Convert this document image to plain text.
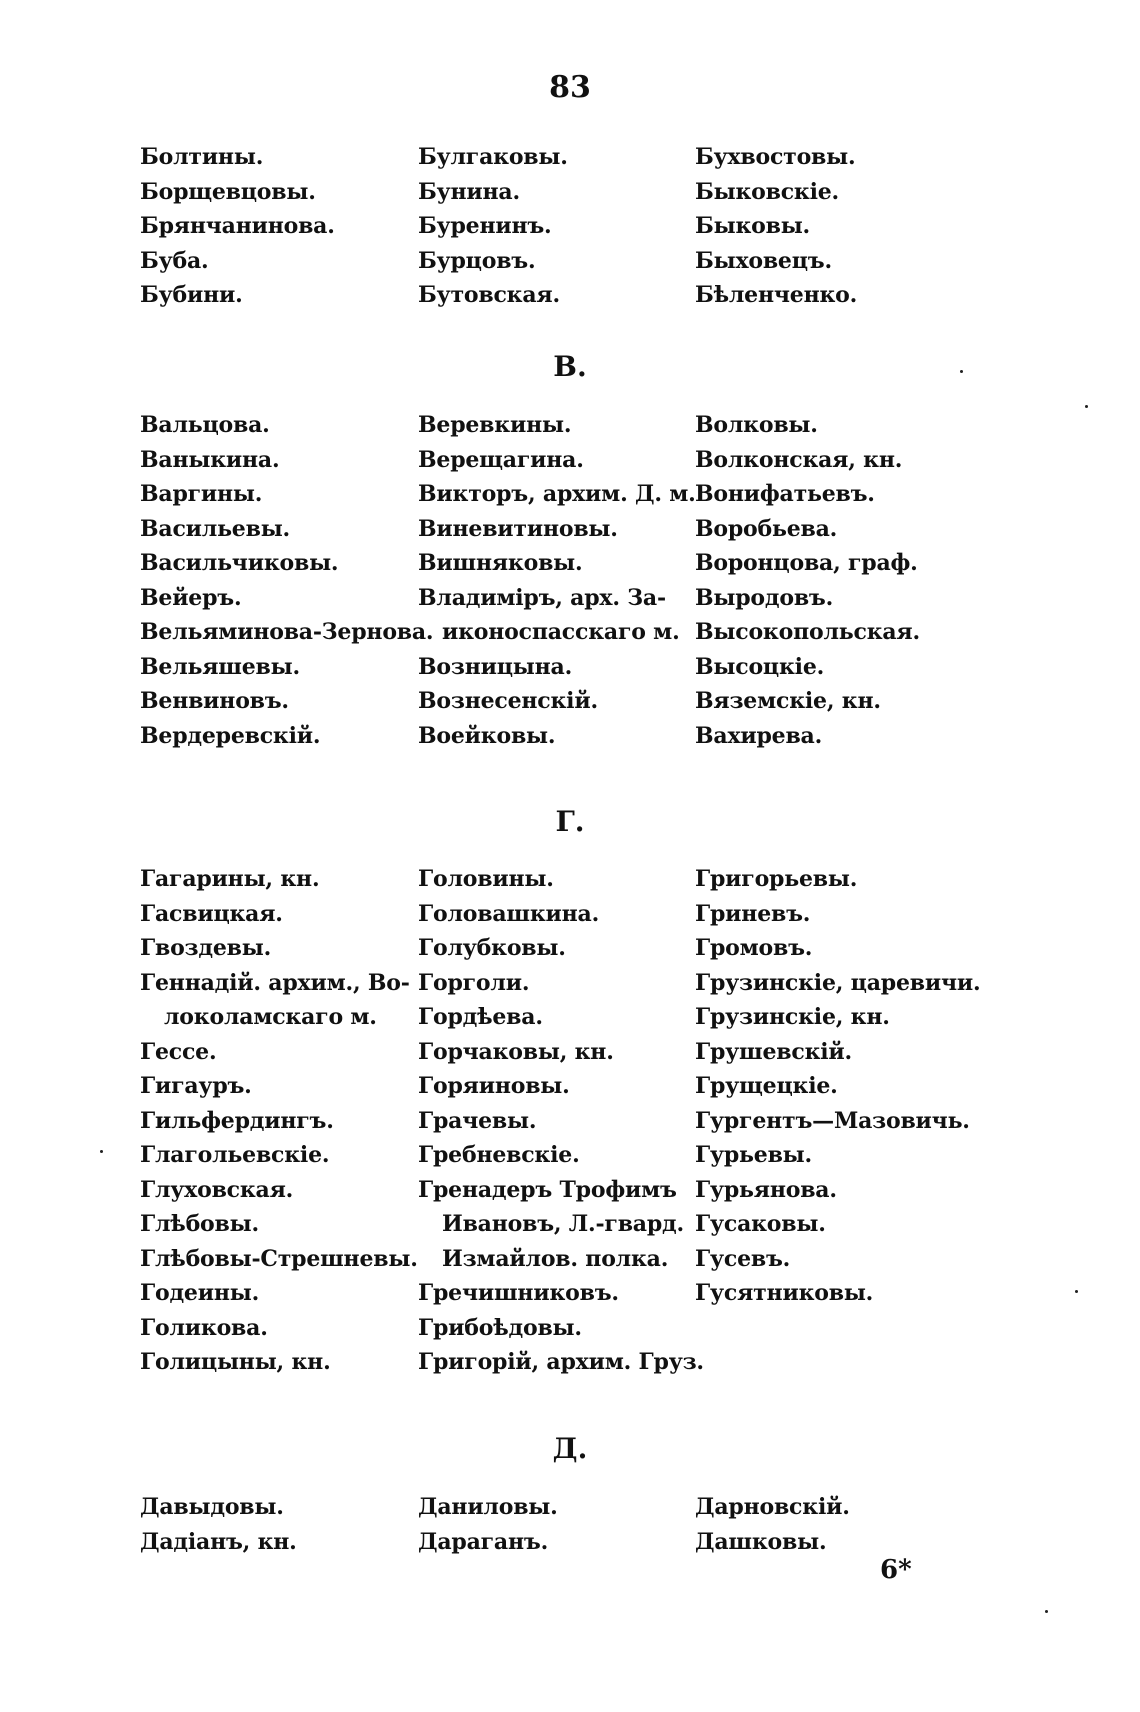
83
Болтины.
Борщевцовы.
Брянчанинова.
Буба.
Бубини.
Булгаковы.
Бунина.
Буренинъ.
Бурцовъ.
Бутовская.
Бухвостовы.
Быковскіе.
Быковы.
Быховецъ.
Бѣленченко.
В.
Вальцова.
Ваныкина.
Варгины.
Васильевы.
Васильчиковы.
Вейеръ.
Вельяминова-Зернова.
Вельяшевы.
Венвиновъ.
Вердеревскій.
Веревкины.
Верещагина.
Викторъ, архим. Д. м.
Виневитиновы.
Вишняковы.
Владиміръ, арх. За-
иконоспасскаго м.
Возницына.
Вознесенскій.
Воейковы.
Волковы.
Волконская, кн.
Вонифатьевъ.
Воробьева.
Воронцова, граф.
Выродовъ.
Высокопольская.
Высоцкіе.
Вяземскіе, кн.
Вахирева.
Г.
Гагарины, кн.
Гасвицкая.
Гвоздевы.
Геннадій. архим., Во-
локоламскаго м.
Гессе.
Гигауръ.
Гильфердингъ.
Глагольевскіе.
Глуховская.
Глѣбовы.
Глѣбовы-Стрешневы.
Годеины.
Голикова.
Голицыны, кн.
Головины.
Головашкина.
Голубковы.
Горголи.
Гордѣева.
Горчаковы, кн.
Горяиновы.
Грачевы.
Гребневскіе.
Гренадеръ Трофимъ
Ивановъ, Л.-гвард.
Измайлов. полка.
Гречишниковъ.
Грибоѣдовы.
Григорій, архим. Груз.
Григорьевы.
Гриневъ.
Громовъ.
Грузинскіе, царевичи.
Грузинскіе, кн.
Грушевскій.
Грущецкіе.
Гургентъ—Мазовичь.
Гурьевы.
Гурьянова.
Гусаковы.
Гусевъ.
Гусятниковы.
Д.
Давыдовы.
Дадіанъ, кн.
Даниловы.
Дараганъ.
Дарновскій.
Дашковы.
6*
